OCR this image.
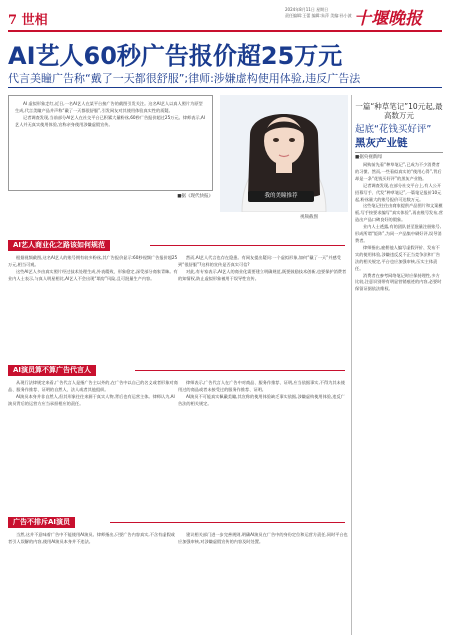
7 世相
2024年8月11日 星期日
责任编辑:王蕾 编辑:朱萍 美编:孙小波 十堰晚报
AI艺人60秒广告报价超25万元
代言美瞳广告称“戴了一天都很舒服”;律师:涉嫌虚构使用体验,违反广告法

AI 虚拟形象走红,近日,一名AI艺人在某平台接广告的截图引发关注。这名AI艺人以真人照片为原型生成,代言美瞳产品并声称“戴了一天都很舒服”,引发网友对其使用体验真实性的质疑。

记者调查发现,当前部分AI艺人在社交平台已积累大量粉丝,60秒广告报价超过25万元。律师表示,AI艺人并无真实使用体验,宣称亲身使用涉嫌虚假宣传。

■据《现代快报》	我的美瞳推荐
视频截图
一篇“种草笔记”10元起,最高数万元
起底“花钱买好评”
黑灰产业链
■据央视新闻

网购前先看“种草笔记”,已成为不少消费者的习惯。然而,一些看似真实的“使用心得”,背后却是一条“花钱买好评”的黑灰产业链。

记者调查发现,在部分社交平台上,有人公开招募写手、代发“种草笔记”,一篇笔记报价10元起,粉丝量大的账号报价可达数万元。

这些笔记往往由商家提供产品图片和文案模板,写手按要求编写“真实体验”,再由账号发布,营造出产品口碑良好的假象。

业内人士透露,有的团队甚至批量注册账号,形成所谓“矩阵”,为同一产品集中刷好评,误导消费者。

律师指出,雇佣他人编写虚假评价、发布不实的使用体验,涉嫌违反反不正当竞争法和广告法的相关规定,平台也应加强审核,压实主体责任。

消费者在参考网络笔记时应保持理性,多方比较,注意识别带有明显营销痕迹的内容,必要时保留证据依法维权。

AI艺人商业化之路该如何规范

根据视频截图,这名AI艺人的账号拥有较多粉丝,其广告报价显示:60秒视频广告报价超25万元,相当可观。

这些AI艺人多由真实照片经过技术处理生成,外表精致、形象稳定,深受部分商家青睐。有业内人士表示,与真人明星相比,AI艺人不会出现“塌房”风险,且可批量生产内容。

然而,AI艺人代言也存在隐患。有网友提出疑问:一个虚拟形象,如何“戴了一天”并感受到“很舒服”?这样的宣传是否真实可信?

对此,有专家表示,AI艺人的商业化需要建立明确规范,既要鼓励技术创新,也要保护消费者的知情权,防止虚拟形象被用于误导性宣传。

AI演员算不算广告代言人

从现行法律规定来看,广告代言人是指广告主以外的,在广告中以自己的名义或者形象对商品、服务作推荐、证明的自然人、法人或者其他组织。

AI演员本身并非自然人,但其形象往往来源于真实人物,背后也有运营主体。律师认为,AI演员背后的运营方应当承担相应的责任。

律师表示,广告代言人在广告中对商品、服务作推荐、证明,应当依据事实,不得为其未使用过的商品或者未接受过的服务作推荐、证明。

AI演员不可能真实佩戴美瞳,其宣称的使用体验缺乏事实依据,涉嫌虚构使用体验,违反广告法的相关规定。

广告不排斥AI演员

当然,这并不意味着广告中不能使用AI演员。律师指出,只要广告内容真实,不含有虚假或者引人误解的内容,使用AI演员本身并不违法。

建议相关部门进一步完善规则,明确AI演员在广告中的身份定位和运营方责任,同时平台也应加强审核,对涉嫌虚假宣传的内容及时处置。
